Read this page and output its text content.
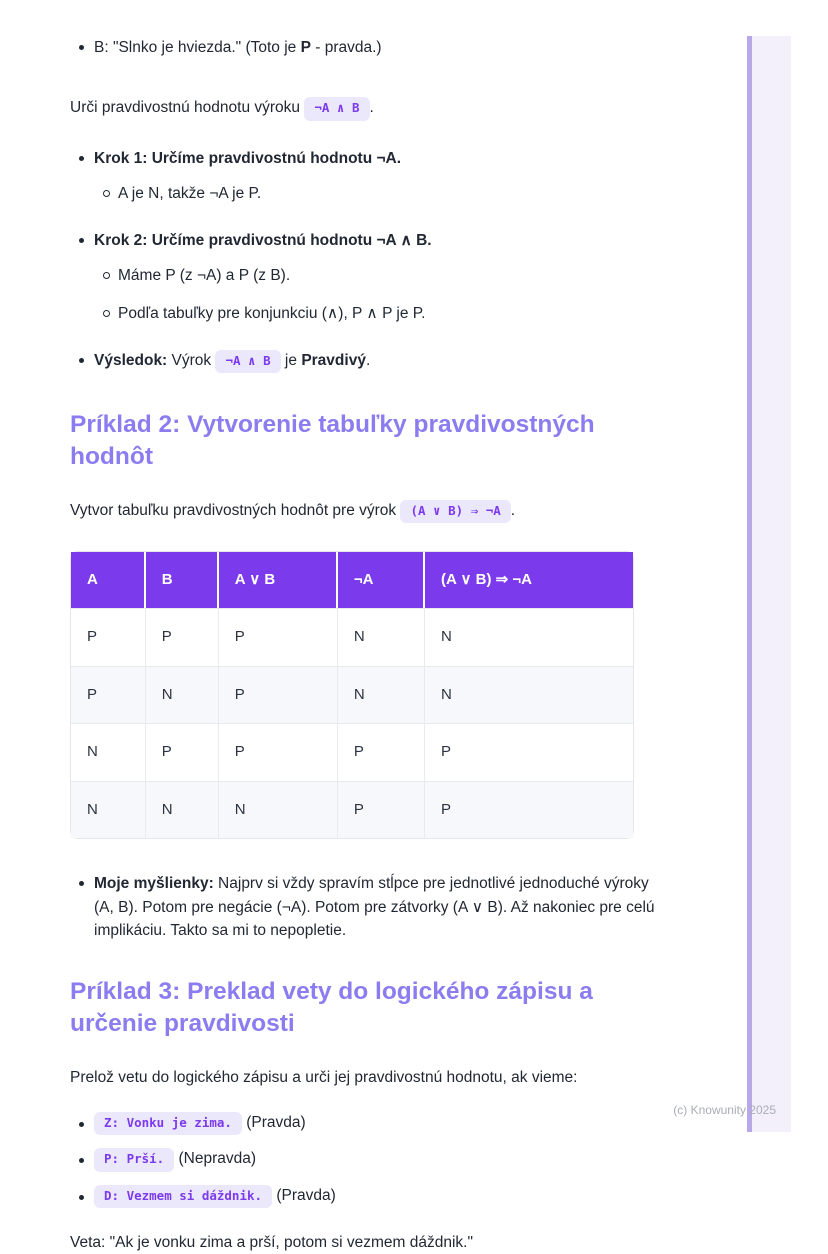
B: "Slnko je hviezda." (Toto je P - pravda.)

Urči pravdivostnú hodnotu výroku ¬A ∧ B .

Krok 1: Určíme pravdivostnú hodnotu ¬A.
A je N, takže ¬A je P.
Krok 2: Určíme pravdivostnú hodnotu ¬A ∧ B.
Máme P (z ¬A) a P (z B).
Podľa tabuľky pre konjunkciu (∧), P ∧ P je P.
Výsledok: Výrok ¬A ∧ B je Pravdivý.
Príklad 2: Vytvorenie tabuľky pravdivostných hodnôt

Vytvor tabuľku pravdivostných hodnôt pre výrok (A ∨ B) ⇒ ¬A .

A	B	A ∨ B	¬A	(A ∨ B) ⇒ ¬A
P	P	P	N	N
P	N	P	N	N
N	P	P	P	P
N	N	N	P	P
Moje myšlienky: Najprv si vždy spravím stĺpce pre jednotlivé jednoduché výroky (A, B). Potom pre negácie (¬A). Potom pre zátvorky (A ∨ B). Až nakoniec pre celú implikáciu. Takto sa mi to nepopletie.
Príklad 3: Preklad vety do logického zápisu a určenie pravdivosti

Prelož vetu do logického zápisu a urči jej pravdivostnú hodnotu, ak vieme:

Z: Vonku je zima. (Pravda)
P: Prší. (Nepravda)
D: Vezmem si dáždnik. (Pravda)

Veta: "Ak je vonku zima a prší, potom si vezmem dáždnik."

(c) Knowunity 2025
